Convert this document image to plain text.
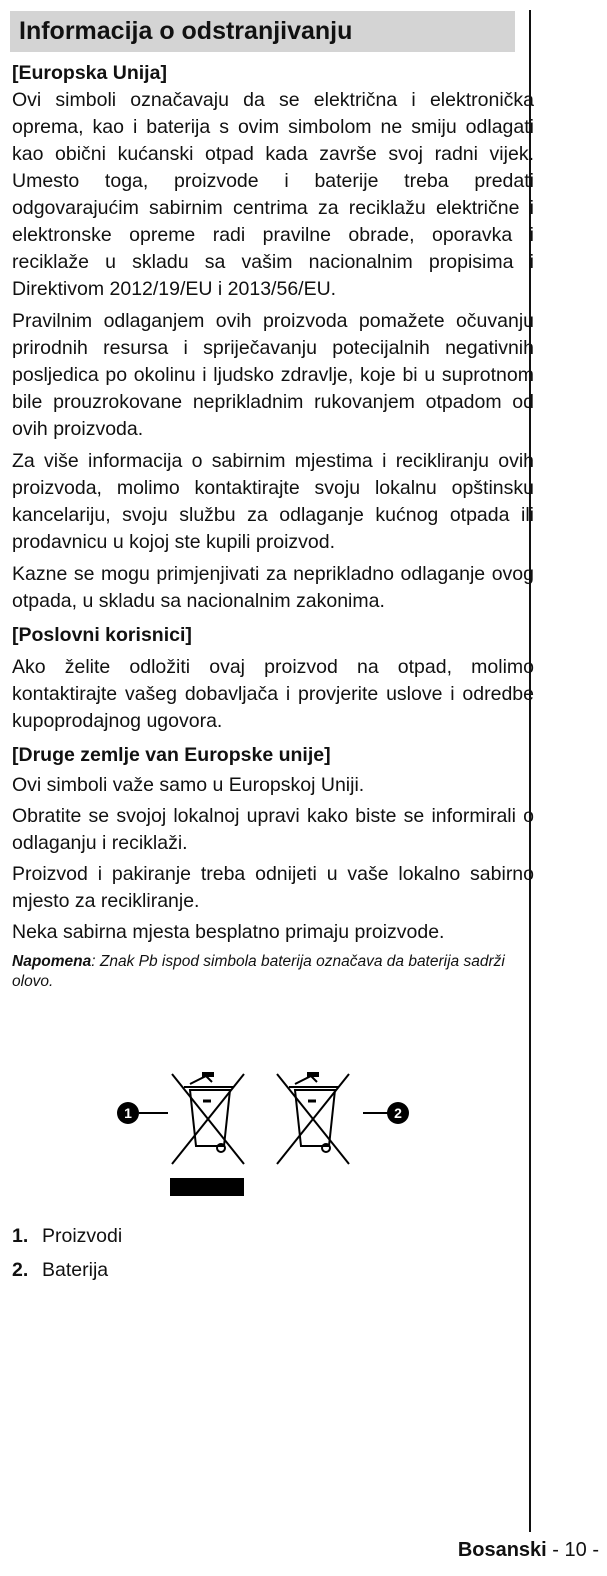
Informacija o odstranjivanju
[Europska Unija]

Ovi simboli označavaju da se električna i elektronička oprema, kao i baterija s ovim simbolom ne smiju odlagati kao obični kućanski otpad kada završe svoj radni vijek. Umesto toga, proizvode i baterije treba predati odgovarajućim sabirnim centrima za reciklažu električne i elektronske opreme radi pravilne obrade, oporavka i reciklaže u skladu sa vašim nacionalnim propisima i Direktivom 2012/19/EU i 2013/56/EU.

Pravilnim odlaganjem ovih proizvoda pomažete očuvanju prirodnih resursa i spriječavanju potecijalnih negativnih posljedica po okolinu i ljudsko zdravlje, koje bi u suprotnom bile prouzrokovane neprikladnim rukovanjem otpadom od ovih proizvoda.

Za više informacija o sabirnim mjestima i recikliranju ovih proizvoda, molimo kontaktirajte svoju lokalnu opštinsku kancelariju, svoju službu za odlaganje kućnog otpada ili prodavnicu u kojoj ste kupili proizvod.

Kazne se mogu primjenjivati za neprikladno odlaganje ovog otpada, u skladu sa nacionalnim zakonima.

[Poslovni korisnici]

Ako želite odložiti ovaj proizvod na otpad, molimo kontaktirajte vašeg dobavljača i provjerite uslove i odredbe kupoprodajnog ugovora.

[Druge zemlje van Europske unije]

Ovi simboli važe samo u Europskoj Uniji.

Obratite se svojoj lokalnoj upravi kako biste se informirali o odlaganju i reciklaži.

Proizvod i pakiranje treba odnijeti u vaše lokalno sabirno mjesto za recikliranje.

Neka sabirna mjesta besplatno primaju proizvode.

Napomena: Znak Pb ispod simbola baterija označava da baterija sadrži olovo.

1	2
1. Proizvodi
2. Baterija
Bosanski - 10 -
